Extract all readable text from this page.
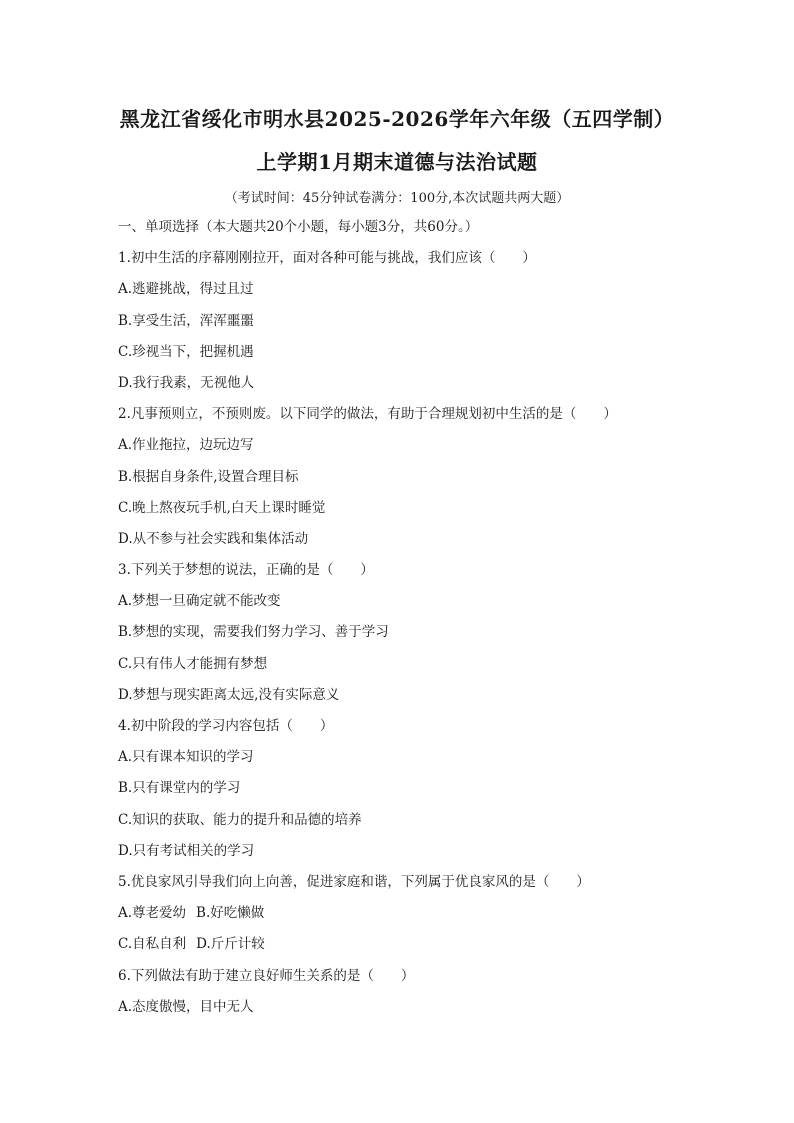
黑龙江省绥化市明水县2025-2026学年六年级（五四学制）
上学期1月期末道德与法治试题
（考试时间：45分钟试卷满分：100分,本次试题共两大题）
一、单项选择（本大题共20个小题，每小题3分，共60分。）
1.初中生活的序幕刚刚拉开，面对各种可能与挑战，我们应该（　　）
A.逃避挑战，得过且过
B.享受生活，浑浑噩噩
C.珍视当下，把握机遇
D.我行我素，无视他人
2.凡事预则立，不预则废。以下同学的做法，有助于合理规划初中生活的是（　　）
A.作业拖拉，边玩边写
B.根据自身条件,设置合理目标
C.晚上熬夜玩手机,白天上课时睡觉
D.从不参与社会实践和集体活动
3.下列关于梦想的说法，正确的是（　　）
A.梦想一旦确定就不能改变
B.梦想的实现，需要我们努力学习、善于学习
C.只有伟人才能拥有梦想
D.梦想与现实距离太远,没有实际意义
4.初中阶段的学习内容包括（　　）
A.只有课本知识的学习
B.只有课堂内的学习
C.知识的获取、能力的提升和品德的培养
D.只有考试相关的学习
5.优良家风引导我们向上向善，促进家庭和谐，下列属于优良家风的是（　　）
A.尊老爱幼 B.好吃懒做
C.自私自利 D.斤斤计较
6.下列做法有助于建立良好师生关系的是（　　）
A.态度傲慢，目中无人
